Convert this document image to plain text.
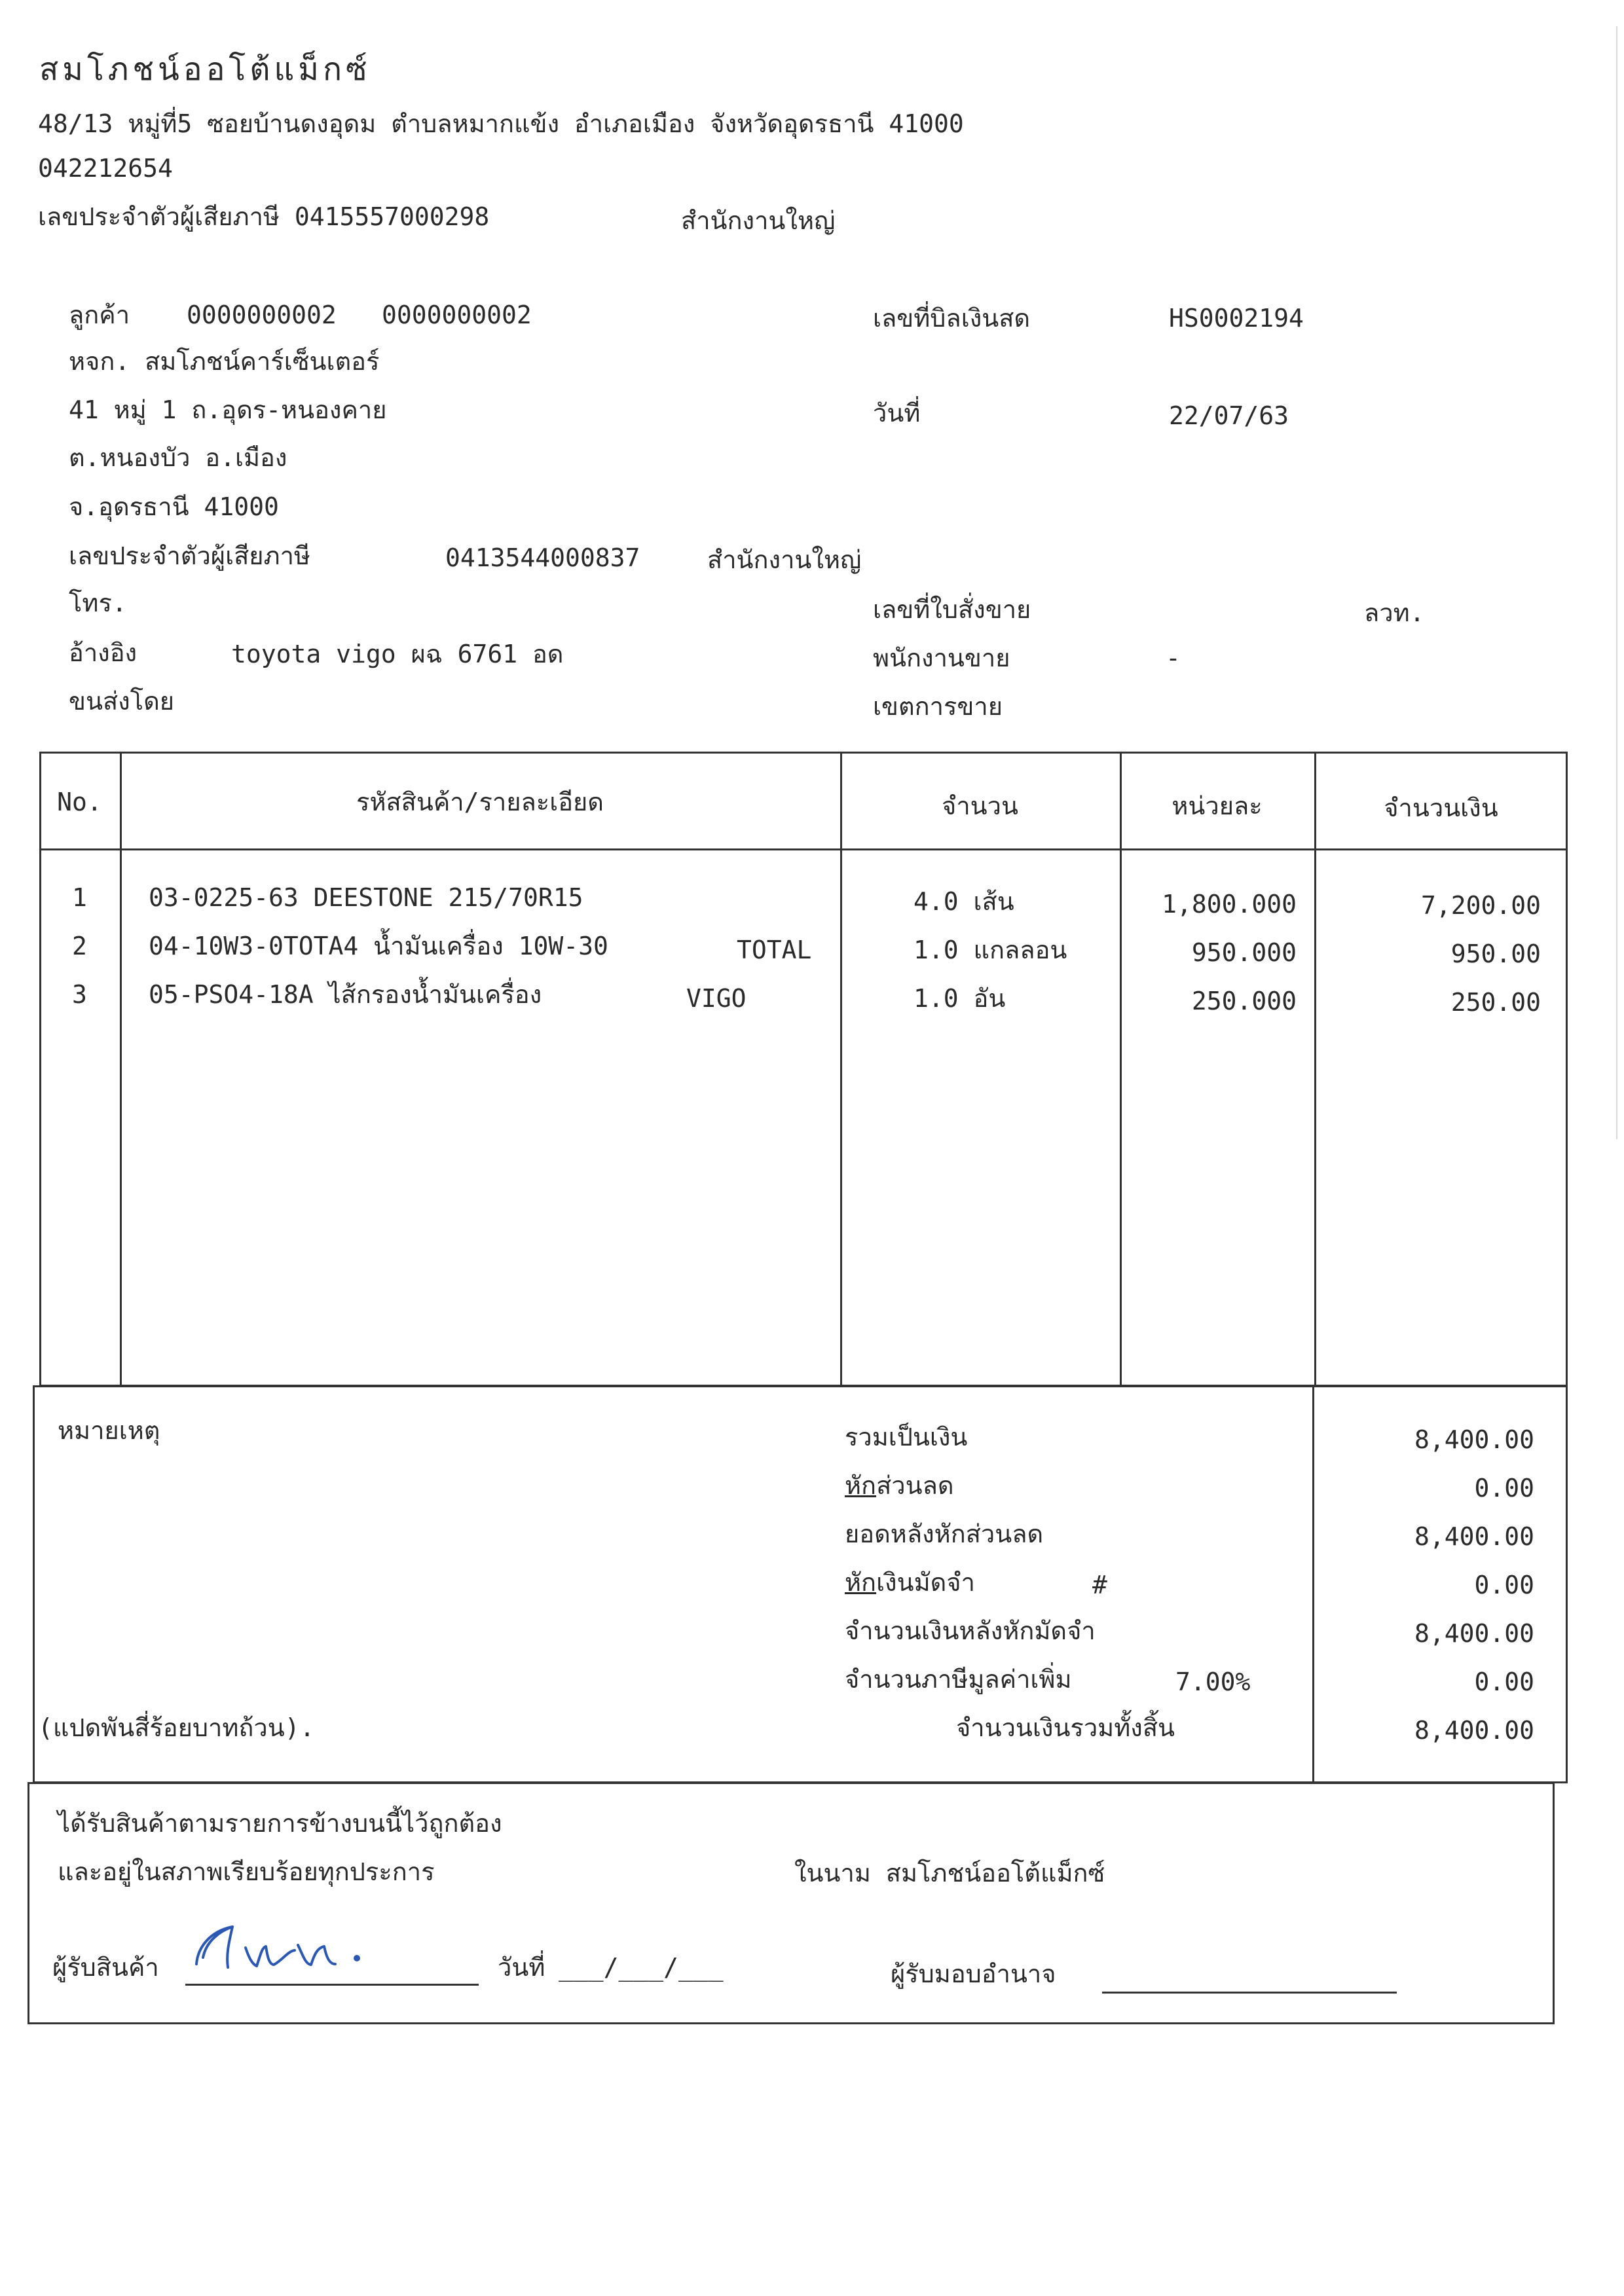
สมโภชน์ออโต้แม็กซ์
48/13 หมู่ที่5 ซอยบ้านดงอุดม ตำบลหมากแข้ง อำเภอเมือง จังหวัดอุดรธานี 41000
042212654
เลขประจำตัวผู้เสียภาษี 0415557000298	สำนักงานใหญ่
ลูกค้า 0000000002 0000000002
หจก. สมโภชน์คาร์เซ็นเตอร์
41 หมู่ 1 ถ.อุดร-หนองคาย
ต.หนองบัว อ.เมือง
จ.อุดรธานี 41000
เลขประจำตัวผู้เสียภาษี	0413544000837	สำนักงานใหญ่
โทร.
อ้างอิง	toyota vigo ผฉ 6761 อด
ขนส่งโดย
เลขที่บิลเงินสด	HS0002194
วันที่	22/07/63
เลขที่ใบสั่งขาย	ลวท.
พนักงานขาย	-
เขตการขาย
No.	รหัสสินค้า/รายละเอียด	จำนวน	หน่วยละ	จำนวนเงิน
1	03-0225-63 DEESTONE 215/70R15	4.0 เส้น	1,800.000	7,200.00
2	04-10W3-0TOTA4 น้ำมันเครื่อง 10W-30	TOTAL	1.0 แกลลอน	950.000	950.00
3	05-PSO4-18A ไส้กรองน้ำมันเครื่อง	VIGO	1.0 อัน	250.000	250.00
หมายเหตุ
(แปดพันสี่ร้อยบาทถ้วน).
รวมเป็นเงิน	8,400.00
หักส่วนลด	0.00
ยอดหลังหักส่วนลด	8,400.00
หักเงินมัดจำ	#	0.00
จำนวนเงินหลังหักมัดจำ	8,400.00
จำนวนภาษีมูลค่าเพิ่ม	7.00%	0.00
จำนวนเงินรวมทั้งสิ้น	8,400.00
ได้รับสินค้าตามรายการข้างบนนี้ไว้ถูกต้อง
และอยู่ในสภาพเรียบร้อยทุกประการ	ในนาม สมโภชน์ออโต้แม็กซ์
ผู้รับสินค้า	วันที่ ___/___/___	ผู้รับมอบอำนาจ
